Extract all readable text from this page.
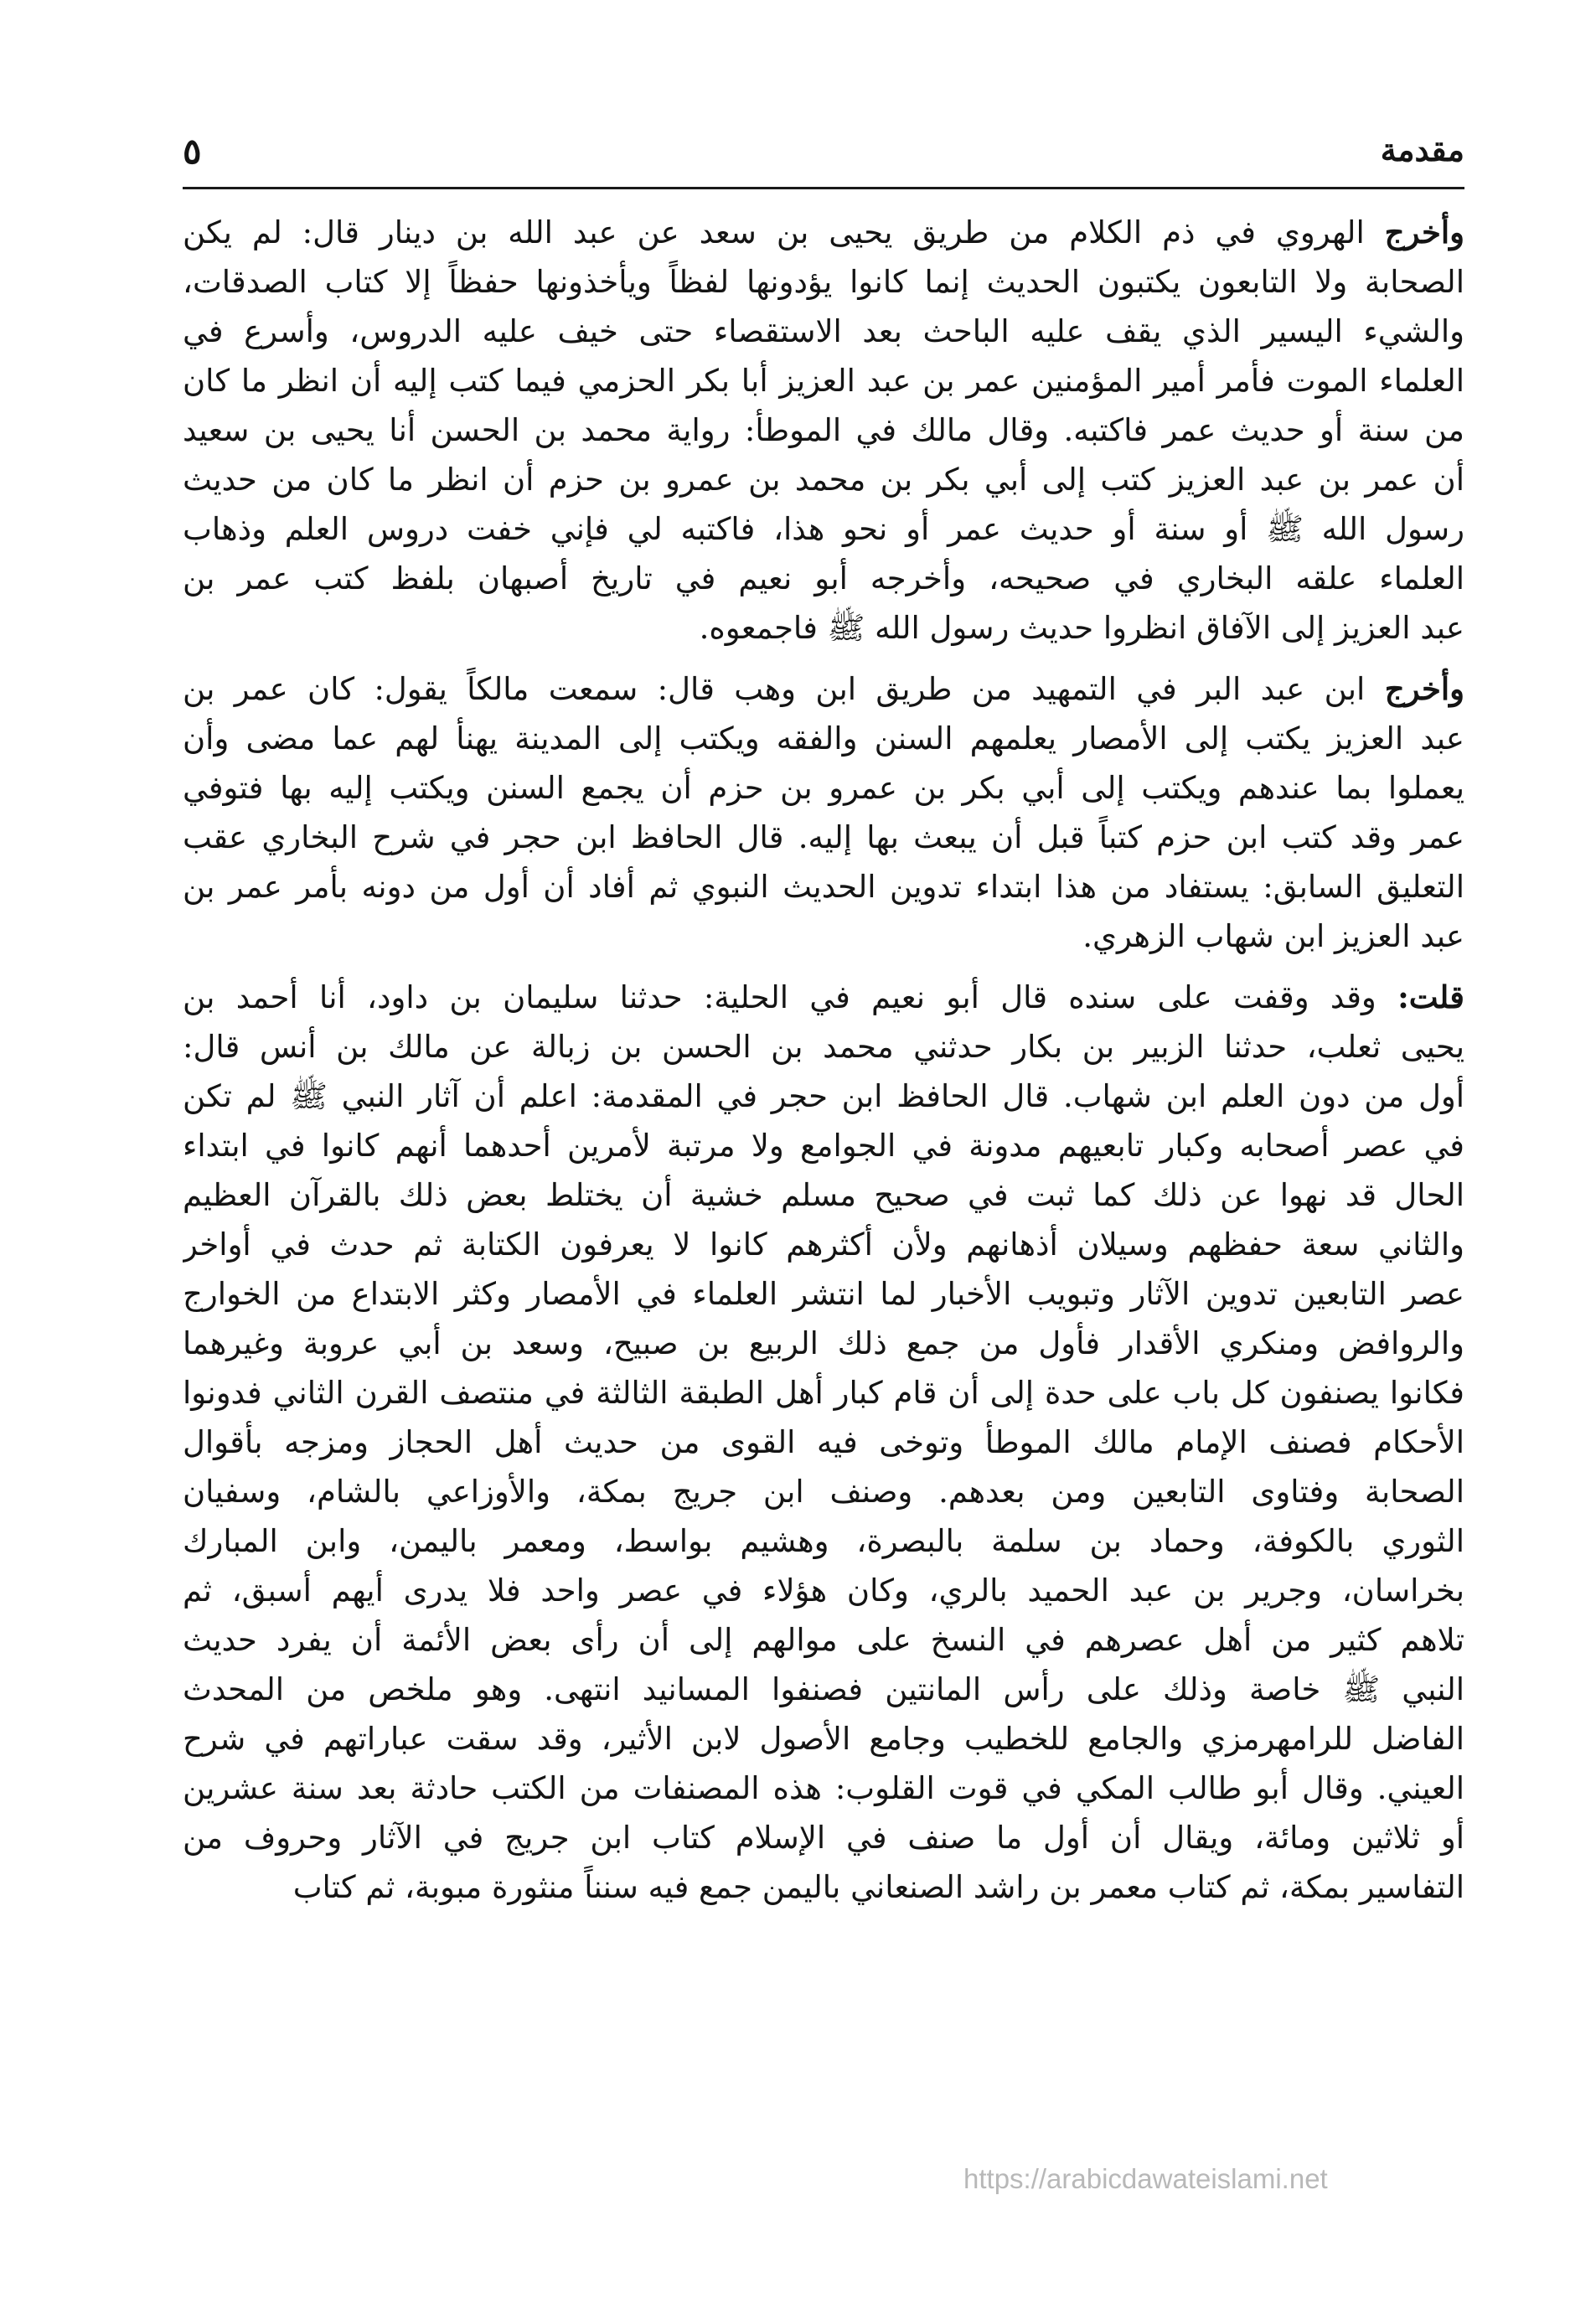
مقدمة
٥
وأخرج الهروي في ذم الكلام من طريق يحيى بن سعد عن عبد الله بن دينار قال: لم يكن
الصحابة ولا التابعون يكتبون الحديث إنما كانوا يؤدونها لفظاً ويأخذونها حفظاً إلا كتاب الصدقات،
والشيء اليسير الذي يقف عليه الباحث بعد الاستقصاء حتى خيف عليه الدروس، وأسرع في
العلماء الموت فأمر أمير المؤمنين عمر بن عبد العزيز أبا بكر الحزمي فيما كتب إليه أن انظر ما كان
من سنة أو حديث عمر فاكتبه. وقال مالك في الموطأ: رواية محمد بن الحسن أنا يحيى بن سعيد
أن عمر بن عبد العزيز كتب إلى أبي بكر بن محمد بن عمرو بن حزم أن انظر ما كان من حديث
رسول الله ﷺ أو سنة أو حديث عمر أو نحو هذا، فاكتبه لي فإني خفت دروس العلم وذهاب
العلماء علقه البخاري في صحيحه، وأخرجه أبو نعيم في تاريخ أصبهان بلفظ كتب عمر بن
عبد العزيز إلى الآفاق انظروا حديث رسول الله ﷺ فاجمعوه.
وأخرج ابن عبد البر في التمهيد من طريق ابن وهب قال: سمعت مالكاً يقول: كان عمر بن
عبد العزيز يكتب إلى الأمصار يعلمهم السنن والفقه ويكتب إلى المدينة يهنأ لهم عما مضى وأن
يعملوا بما عندهم ويكتب إلى أبي بكر بن عمرو بن حزم أن يجمع السنن ويكتب إليه بها فتوفي
عمر وقد كتب ابن حزم كتباً قبل أن يبعث بها إليه. قال الحافظ ابن حجر في شرح البخاري عقب
التعليق السابق: يستفاد من هذا ابتداء تدوين الحديث النبوي ثم أفاد أن أول من دونه بأمر عمر بن
عبد العزيز ابن شهاب الزهري.
قلت: وقد وقفت على سنده قال أبو نعيم في الحلية: حدثنا سليمان بن داود، أنا أحمد بن
يحيى ثعلب، حدثنا الزبير بن بكار حدثني محمد بن الحسن بن زبالة عن مالك بن أنس قال:
أول من دون العلم ابن شهاب. قال الحافظ ابن حجر في المقدمة: اعلم أن آثار النبي ﷺ لم تكن
في عصر أصحابه وكبار تابعيهم مدونة في الجوامع ولا مرتبة لأمرين أحدهما أنهم كانوا في ابتداء
الحال قد نهوا عن ذلك كما ثبت في صحيح مسلم خشية أن يختلط بعض ذلك بالقرآن العظيم
والثاني سعة حفظهم وسيلان أذهانهم ولأن أكثرهم كانوا لا يعرفون الكتابة ثم حدث في أواخر
عصر التابعين تدوين الآثار وتبويب الأخبار لما انتشر العلماء في الأمصار وكثر الابتداع من الخوارج
والروافض ومنكري الأقدار فأول من جمع ذلك الربيع بن صبيح، وسعد بن أبي عروبة وغيرهما
فكانوا يصنفون كل باب على حدة إلى أن قام كبار أهل الطبقة الثالثة في منتصف القرن الثاني فدونوا
الأحكام فصنف الإمام مالك الموطأ وتوخى فيه القوى من حديث أهل الحجاز ومزجه بأقوال
الصحابة وفتاوى التابعين ومن بعدهم. وصنف ابن جريج بمكة، والأوزاعي بالشام، وسفيان
الثوري بالكوفة، وحماد بن سلمة بالبصرة، وهشيم بواسط، ومعمر باليمن، وابن المبارك
بخراسان، وجرير بن عبد الحميد بالري، وكان هؤلاء في عصر واحد فلا يدرى أيهم أسبق، ثم
تلاهم كثير من أهل عصرهم في النسخ على موالهم إلى أن رأى بعض الأئمة أن يفرد حديث
النبي ﷺ خاصة وذلك على رأس المانتين فصنفوا المسانيد انتهى. وهو ملخص من المحدث
الفاضل للرامهرمزي والجامع للخطيب وجامع الأصول لابن الأثير، وقد سقت عباراتهم في شرح
العيني. وقال أبو طالب المكي في قوت القلوب: هذه المصنفات من الكتب حادثة بعد سنة عشرين
أو ثلاثين ومائة، ويقال أن أول ما صنف في الإسلام كتاب ابن جريج في الآثار وحروف من
التفاسير بمكة، ثم كتاب معمر بن راشد الصنعاني باليمن جمع فيه سنناً منثورة مبوبة، ثم كتاب
https://arabicdawateislami.net
